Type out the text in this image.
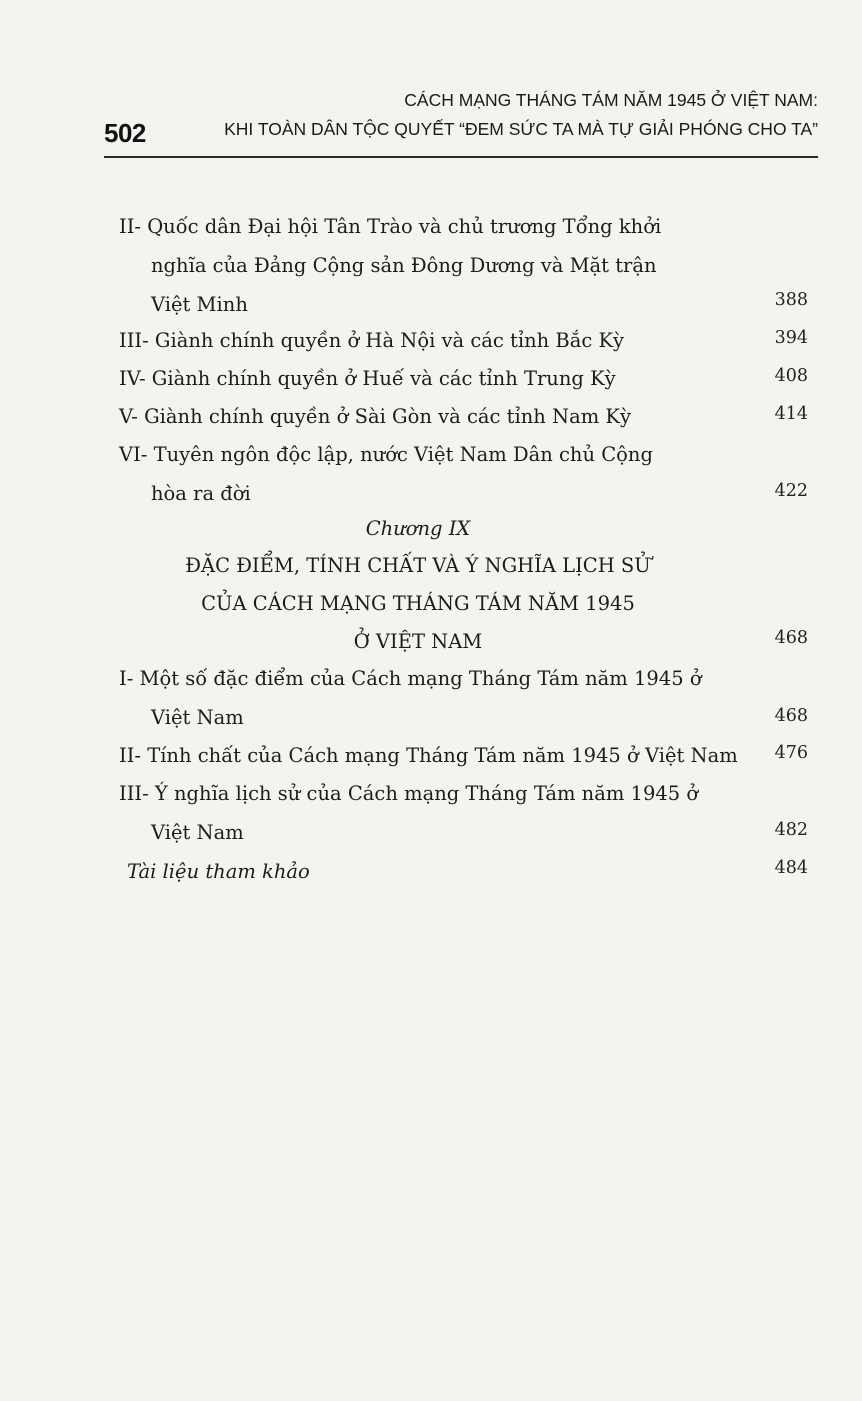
502
CÁCH MẠNG THÁNG TÁM NĂM 1945 Ở VIỆT NAM:
KHI TOÀN DÂN TỘC QUYẾT “ĐEM SỨC TA MÀ TỰ GIẢI PHÓNG CHO TA”
II- Quốc dân Đại hội Tân Trào và chủ trương Tổng khởi
nghĩa của Đảng Cộng sản Đông Dương và Mặt trận
Việt Minh	388
III- Giành chính quyền ở Hà Nội và các tỉnh Bắc Kỳ	394
IV- Giành chính quyền ở Huế và các tỉnh Trung Kỳ	408
V- Giành chính quyền ở Sài Gòn và các tỉnh Nam Kỳ	414
VI- Tuyên ngôn độc lập, nước Việt Nam Dân chủ Cộng
hòa ra đời	422
Chương IX
ĐẶC ĐIỂM, TÍNH CHẤT VÀ Ý NGHĨA LỊCH SỬ
CỦA CÁCH MẠNG THÁNG TÁM NĂM 1945
Ở VIỆT NAM	468
I- Một số đặc điểm của Cách mạng Tháng Tám năm 1945 ở
Việt Nam	468
II- Tính chất của Cách mạng Tháng Tám năm 1945 ở Việt Nam 476
III- Ý nghĩa lịch sử của Cách mạng Tháng Tám năm 1945 ở
Việt Nam	482
Tài liệu tham khảo	484
